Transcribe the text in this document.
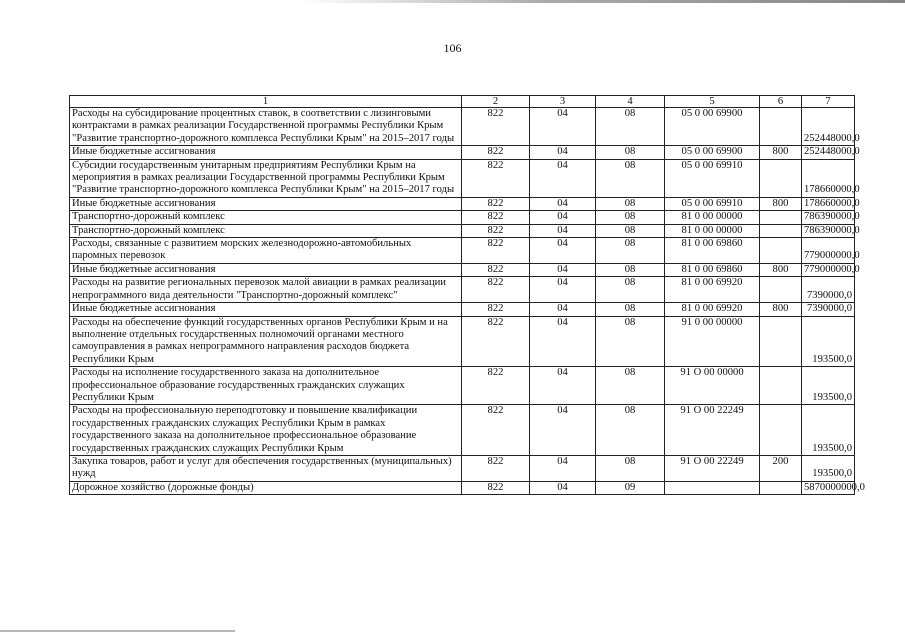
106
1	2	3	4	5	6	7
Расходы на субсидирование процентных ставок, в соответствии с лизинговыми контрактами в рамках реализации Государственной программы Республики Крым "Развитие транспортно-дорожного комплекса Республики Крым" на 2015–2017 годы	822	04	08	05 0 00 69900		252448000,0
Иные бюджетные ассигнования	822	04	08	05 0 00 69900	800	252448000,0
Субсидии государственным унитарным предприятиям Республики Крым на мероприятия в рамках реализации Государственной программы Республики Крым "Развитие транспортно-дорожного комплекса Республики Крым" на 2015–2017 годы	822	04	08	05 0 00 69910		178660000,0
Иные бюджетные ассигнования	822	04	08	05 0 00 69910	800	178660000,0
Транспортно-дорожный комплекс	822	04	08	81 0 00 00000		786390000,0
Транспортно-дорожный комплекс	822	04	08	81 0 00 00000		786390000,0
Расходы, связанные с развитием морских железнодорожно-автомобильных паромных перевозок	822	04	08	81 0 00 69860		779000000,0
Иные бюджетные ассигнования	822	04	08	81 0 00 69860	800	779000000,0
Расходы на развитие региональных перевозок малой авиации в рамках реализации непрограммного вида деятельности "Транспортно-дорожный комплекс"	822	04	08	81 0 00 69920		7390000,0
Иные бюджетные ассигнования	822	04	08	81 0 00 69920	800	7390000,0
Расходы на обеспечение функций государственных органов Республики Крым и на выполнение отдельных государственных полномочий органами местного самоуправления в рамках непрограммного направления расходов бюджета Республики Крым	822	04	08	91 0 00 00000		193500,0
Расходы на исполнение государственного заказа на дополнительное профессиональное образование государственных гражданских служащих Республики Крым	822	04	08	91 О 00 00000		193500,0
Расходы на профессиональную переподготовку и повышение квалификации государственных гражданских служащих Республики Крым в рамках государственного заказа на дополнительное профессиональное образование государственных гражданских служащих Республики Крым	822	04	08	91 О 00 22249		193500,0
Закупка товаров, работ и услуг для обеспечения государственных (муниципальных) нужд	822	04	08	91 О 00 22249	200	193500,0
Дорожное хозяйство (дорожные фонды)	822	04	09			5870000000,0
